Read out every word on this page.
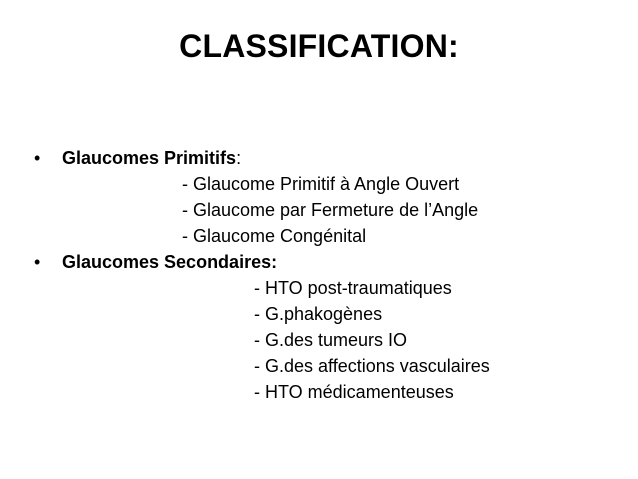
CLASSIFICATION:
•	Glaucomes Primitifs :
- Glaucome Primitif à Angle Ouvert
- Glaucome par Fermeture de l’Angle
- Glaucome Congénital
•	Glaucomes Secondaires:
- HTO post-traumatiques
- G.phakogènes
- G.des tumeurs IO
- G.des affections vasculaires
- HTO médicamenteuses
